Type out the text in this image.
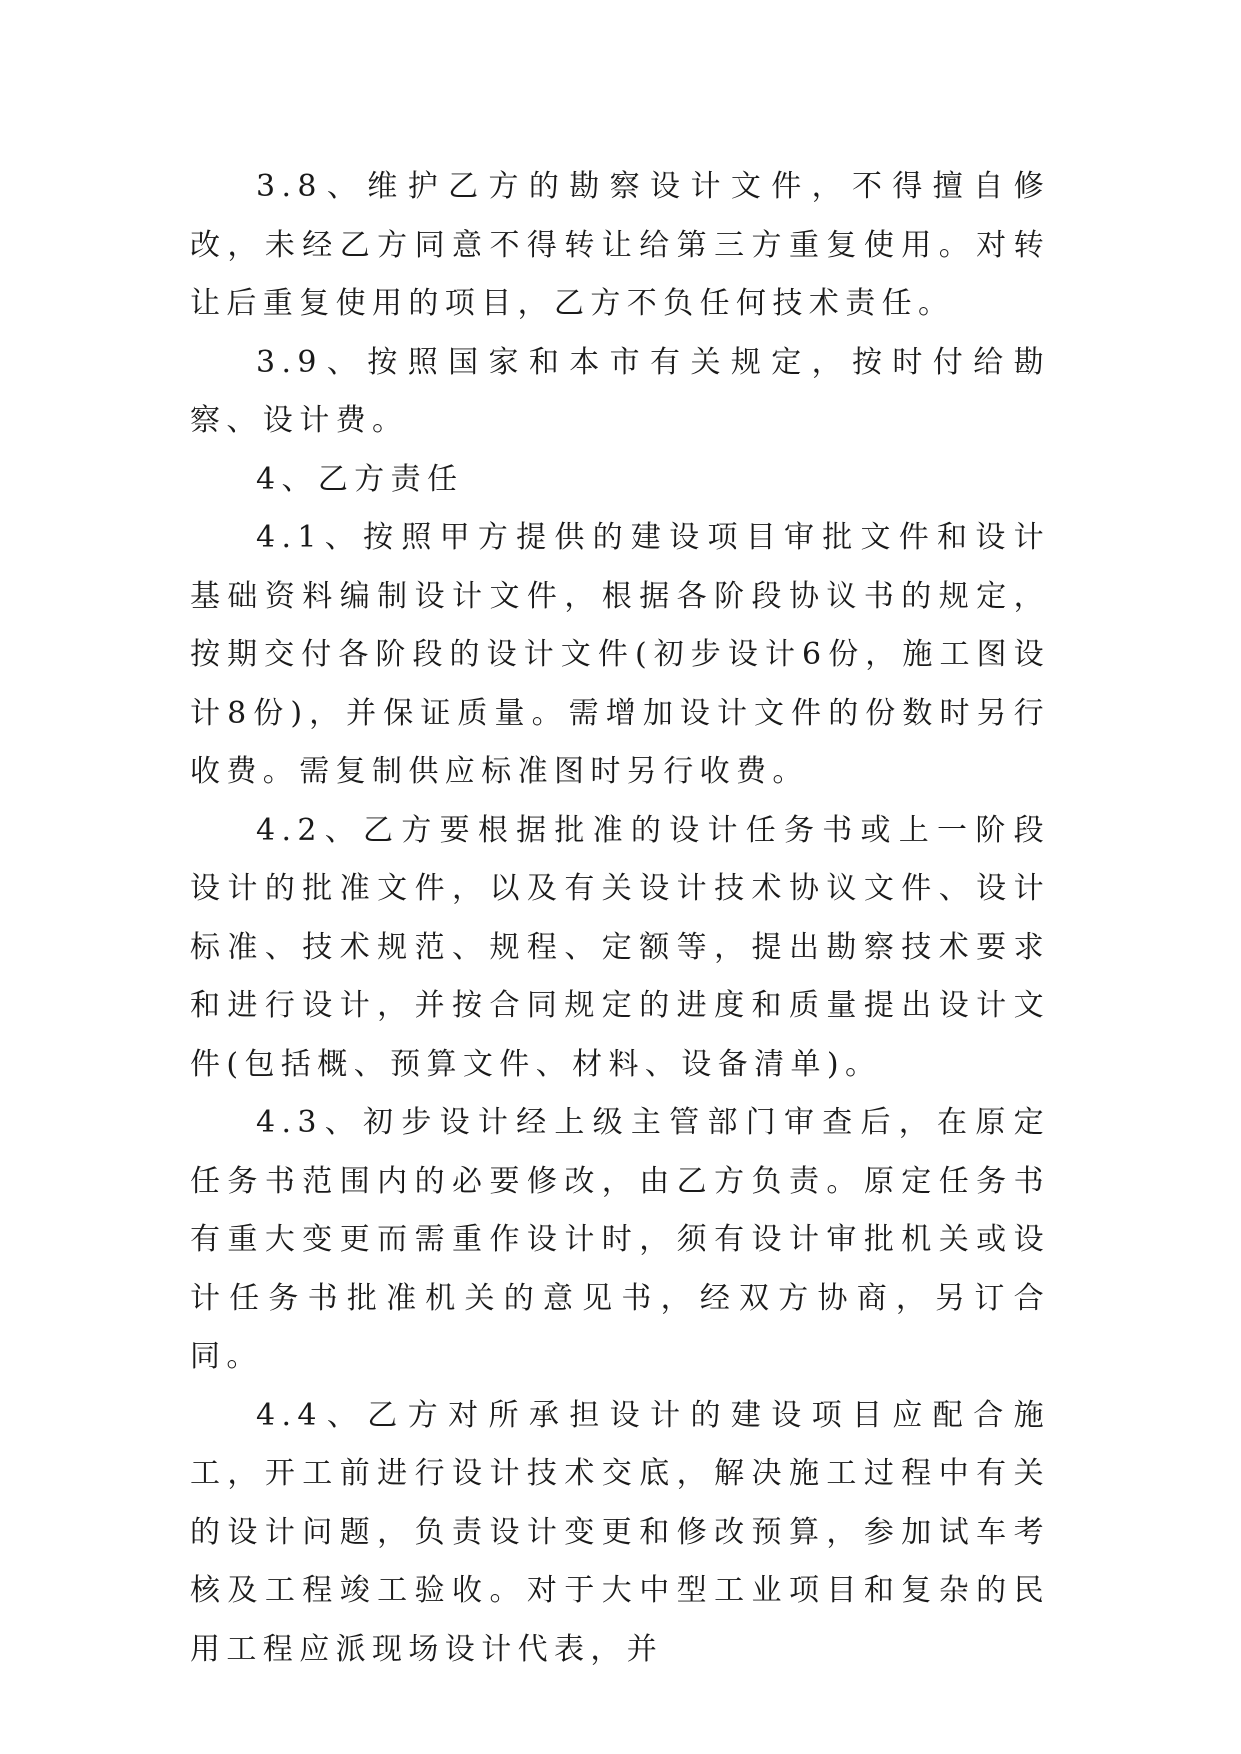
3.8、维护乙方的勘察设计文件，不得擅自修改，未经乙方同意不得转让给第三方重复使用。对转让后重复使用的项目，乙方不负任何技术责任。

3.9、按照国家和本市有关规定，按时付给勘察、设计费。

4、乙方责任

4.1、按照甲方提供的建设项目审批文件和设计基础资料编制设计文件，根据各阶段协议书的规定，按期交付各阶段的设计文件(初步设计6份，施工图设计8份)，并保证质量。需增加设计文件的份数时另行收费。需复制供应标准图时另行收费。

4.2、乙方要根据批准的设计任务书或上一阶段设计的批准文件，以及有关设计技术协议文件、设计标准、技术规范、规程、定额等，提出勘察技术要求和进行设计，并按合同规定的进度和质量提出设计文件(包括概、预算文件、材料、设备清单)。

4.3、初步设计经上级主管部门审查后，在原定任务书范围内的必要修改，由乙方负责。原定任务书有重大变更而需重作设计时，须有设计审批机关或设计任务书批准机关的意见书，经双方协商，另订合同。

4.4、乙方对所承担设计的建设项目应配合施工，开工前进行设计技术交底，解决施工过程中有关的设计问题，负责设计变更和修改预算，参加试车考核及工程竣工验收。对于大中型工业项目和复杂的民用工程应派现场设计代表，并
